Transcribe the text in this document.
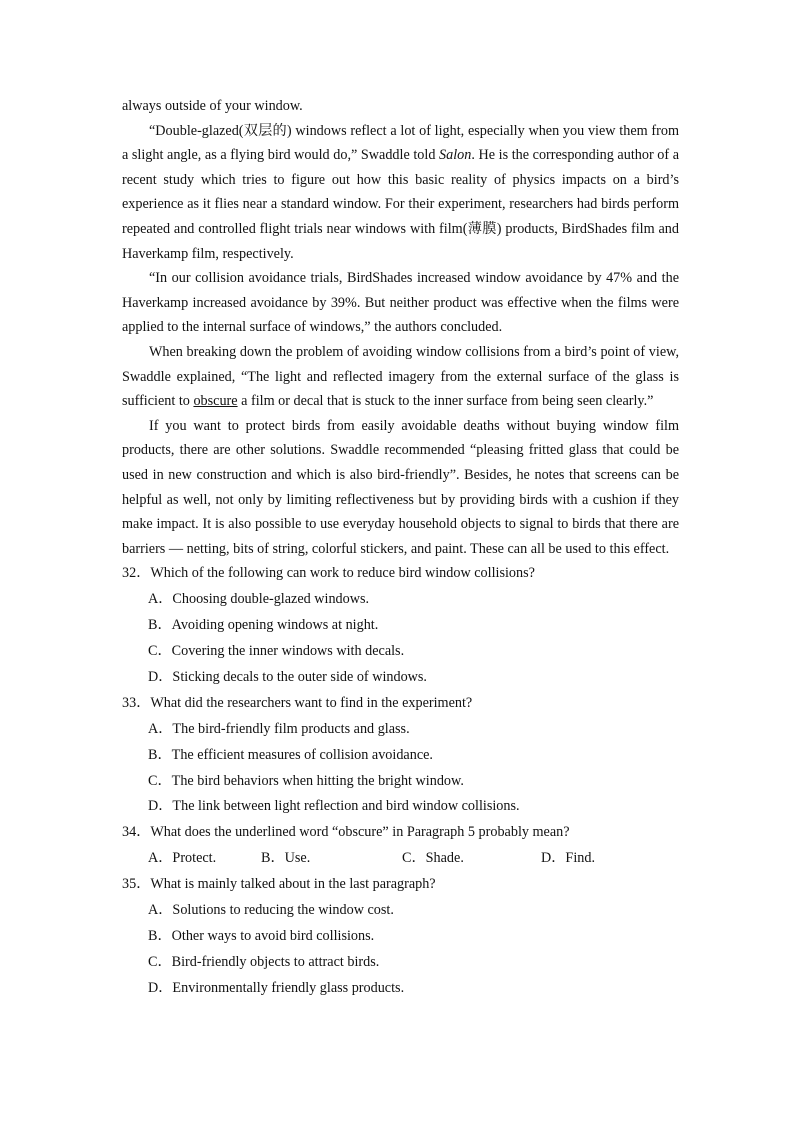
always outside of your window.

“Double-glazed(双层的) windows reflect a lot of light, especially when you view them from a slight angle, as a flying bird would do,” Swaddle told Salon. He is the corresponding author of a recent study which tries to figure out how this basic reality of physics impacts on a bird’s experience as it flies near a standard window. For their experiment, researchers had birds perform repeated and controlled flight trials near windows with film(薄膜) products, BirdShades film and Haverkamp film, respectively.

“In our collision avoidance trials, BirdShades increased window avoidance by 47% and the Haverkamp increased avoidance by 39%. But neither product was effective when the films were applied to the internal surface of windows,” the authors concluded.

When breaking down the problem of avoiding window collisions from a bird’s point of view, Swaddle explained, “The light and reflected imagery from the external surface of the glass is sufficient to obscure a film or decal that is stuck to the inner surface from being seen clearly.”

If you want to protect birds from easily avoidable deaths without buying window film products, there are other solutions. Swaddle recommended “pleasing fritted glass that could be used in new construction and which is also bird-friendly”. Besides, he notes that screens can be helpful as well, not only by limiting reflectiveness but by providing birds with a cushion if they make impact. It is also possible to use everyday household objects to signal to birds that there are barriers — netting, bits of string, colorful stickers, and paint. These can all be used to this effect.

32．Which of the following can work to reduce bird window collisions?

A．Choosing double-glazed windows.

B．Avoiding opening windows at night.

C．Covering the inner windows with decals.

D．Sticking decals to the outer side of windows.

33．What did the researchers want to find in the experiment?

A．The bird-friendly film products and glass.

B．The efficient measures of collision avoidance.

C．The bird behaviors when hitting the bright window.

D．The link between light reflection and bird window collisions.

34．What does the underlined word “obscure” in Paragraph 5 probably mean?

A．Protect.	B．Use.	C．Shade.	D．Find.

35．What is mainly talked about in the last paragraph?

A．Solutions to reducing the window cost.

B．Other ways to avoid bird collisions.

C．Bird-friendly objects to attract birds.

D．Environmentally friendly glass products.
